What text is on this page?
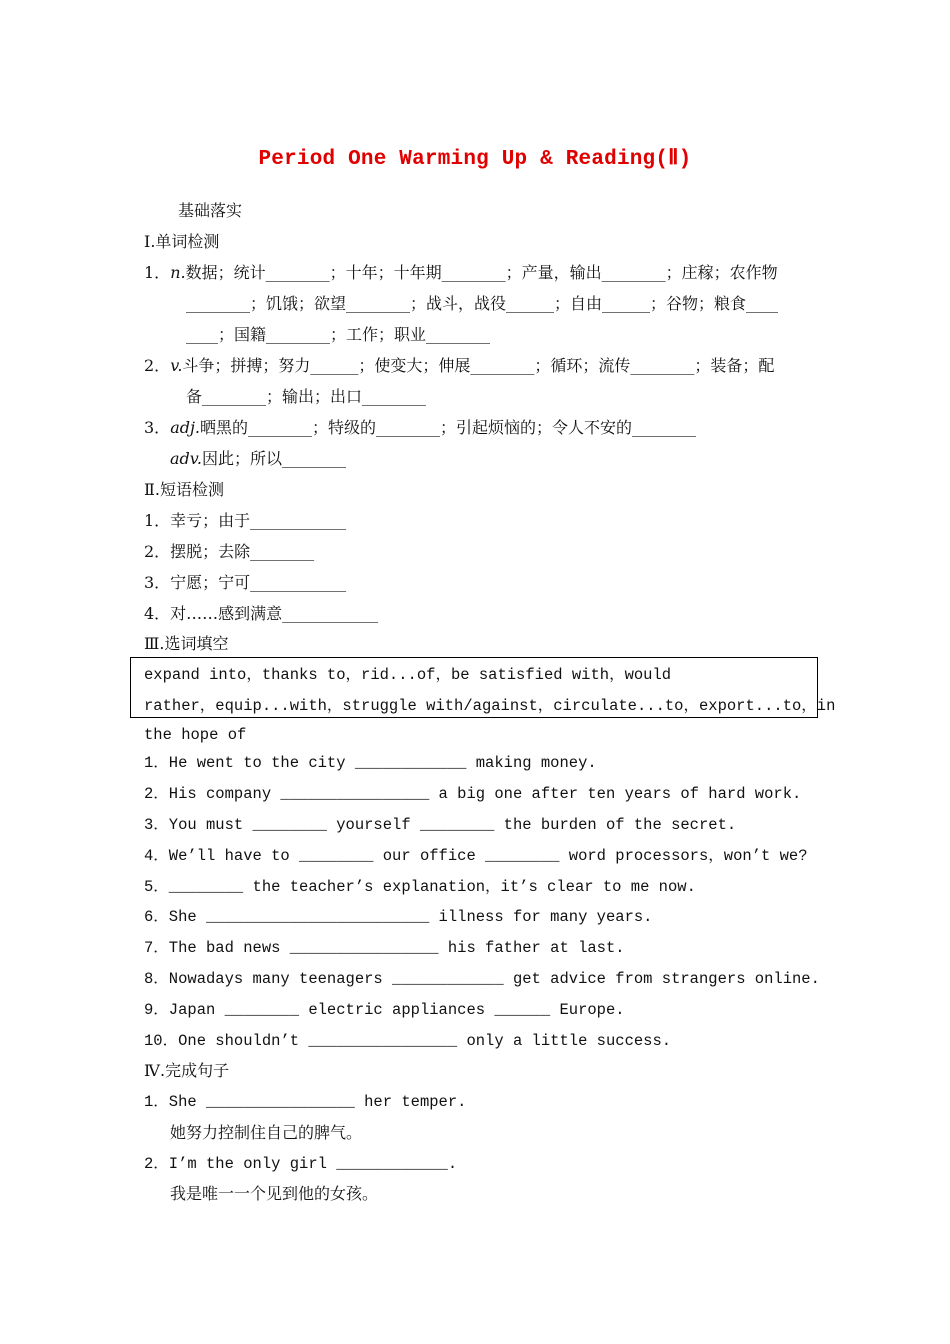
Period One Warming Up & Reading(Ⅱ)
基础落实
Ⅰ.单词检测
1．n.数据；统计________；十年；十年期________；产量，输出________；庄稼；农作物
________；饥饿；欲望________；战斗，战役______；自由______；谷物；粮食____
____；国籍________；工作；职业________
2．v.斗争；拼搏；努力______；使变大；伸展________；循环；流传________；装备；配
备________；输出；出口________
3．adj.晒黑的________；特级的________；引起烦恼的；令人不安的________
adv.因此；所以________
Ⅱ.短语检测
1．幸亏；由于____________
2．摆脱；去除________
3．宁愿；宁可____________
4．对……感到满意____________
Ⅲ.选词填空
expand into，thanks to，rid...of，be satisfied with，would
rather，equip...with，struggle with/against，circulate...to，export...to，in
the hope of
1．He went to the city ____________ making money.
2．His company ________________ a big one after ten years of hard work.
3．You must ________ yourself ________ the burden of the secret.
4．We’ll have to ________ our office ________ word processors，won’t we?
5．________ the teacher’s explanation，it’s clear to me now.
6．She ________________________ illness for many years.
7．The bad news ________________ his father at last.
8．Nowadays many teenagers ____________ get advice from strangers online.
9．Japan ________ electric appliances ______ Europe.
10．One shouldn’t ________________ only a little success.
Ⅳ.完成句子
1．She ________________ her temper.
她努力控制住自己的脾气。
2．I’m the only girl ____________.
我是唯一一个见到他的女孩。
